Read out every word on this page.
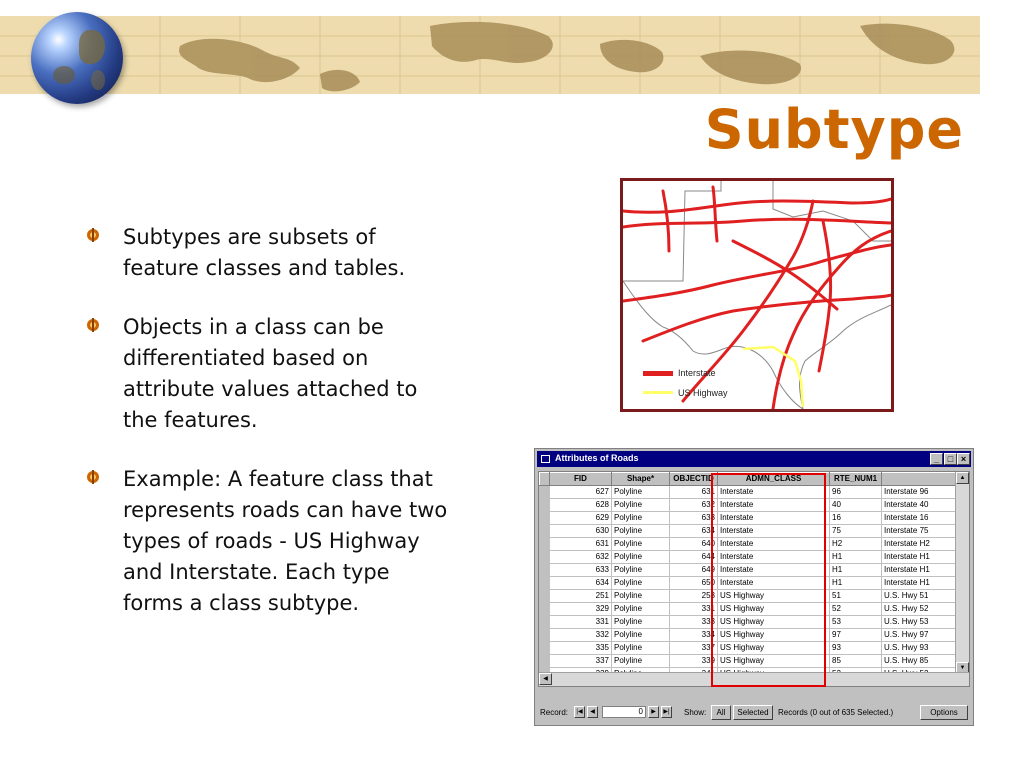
Subtype
Subtypes are subsets of feature classes and tables.
Objects in a class can be differentiated based on attribute values attached to the features.
Example: A feature class that represents roads can have two types of roads - US Highway and Interstate. Each type forms a class subtype.
Interstate
US Highway
Attributes of Roads	_ □ ×
	FID	Shape*	OBJECTID	ADMN_CLASS	RTE_NUM1	
	627	Polyline	631	Interstate	96	Interstate 96
	628	Polyline	632	Interstate	40	Interstate 40
	629	Polyline	633	Interstate	16	Interstate 16
	630	Polyline	634	Interstate	75	Interstate 75
	631	Polyline	640	Interstate	H2	Interstate H2
	632	Polyline	644	Interstate	H1	Interstate H1
	633	Polyline	649	Interstate	H1	Interstate H1
	634	Polyline	650	Interstate	H1	Interstate H1
	251	Polyline	253	US Highway	51	U.S. Hwy 51
	329	Polyline	331	US Highway	52	U.S. Hwy 52
	331	Polyline	333	US Highway	53	U.S. Hwy 53
	332	Polyline	334	US Highway	97	U.S. Hwy 97
	335	Polyline	337	US Highway	93	U.S. Hwy 93
	337	Polyline	339	US Highway	85	U.S. Hwy 85

▲
▼
◀
Record:	|◀	◀	0	▶	▶|	Show:	All	Selected	Records (0 out of 635 Selected.)	Options
